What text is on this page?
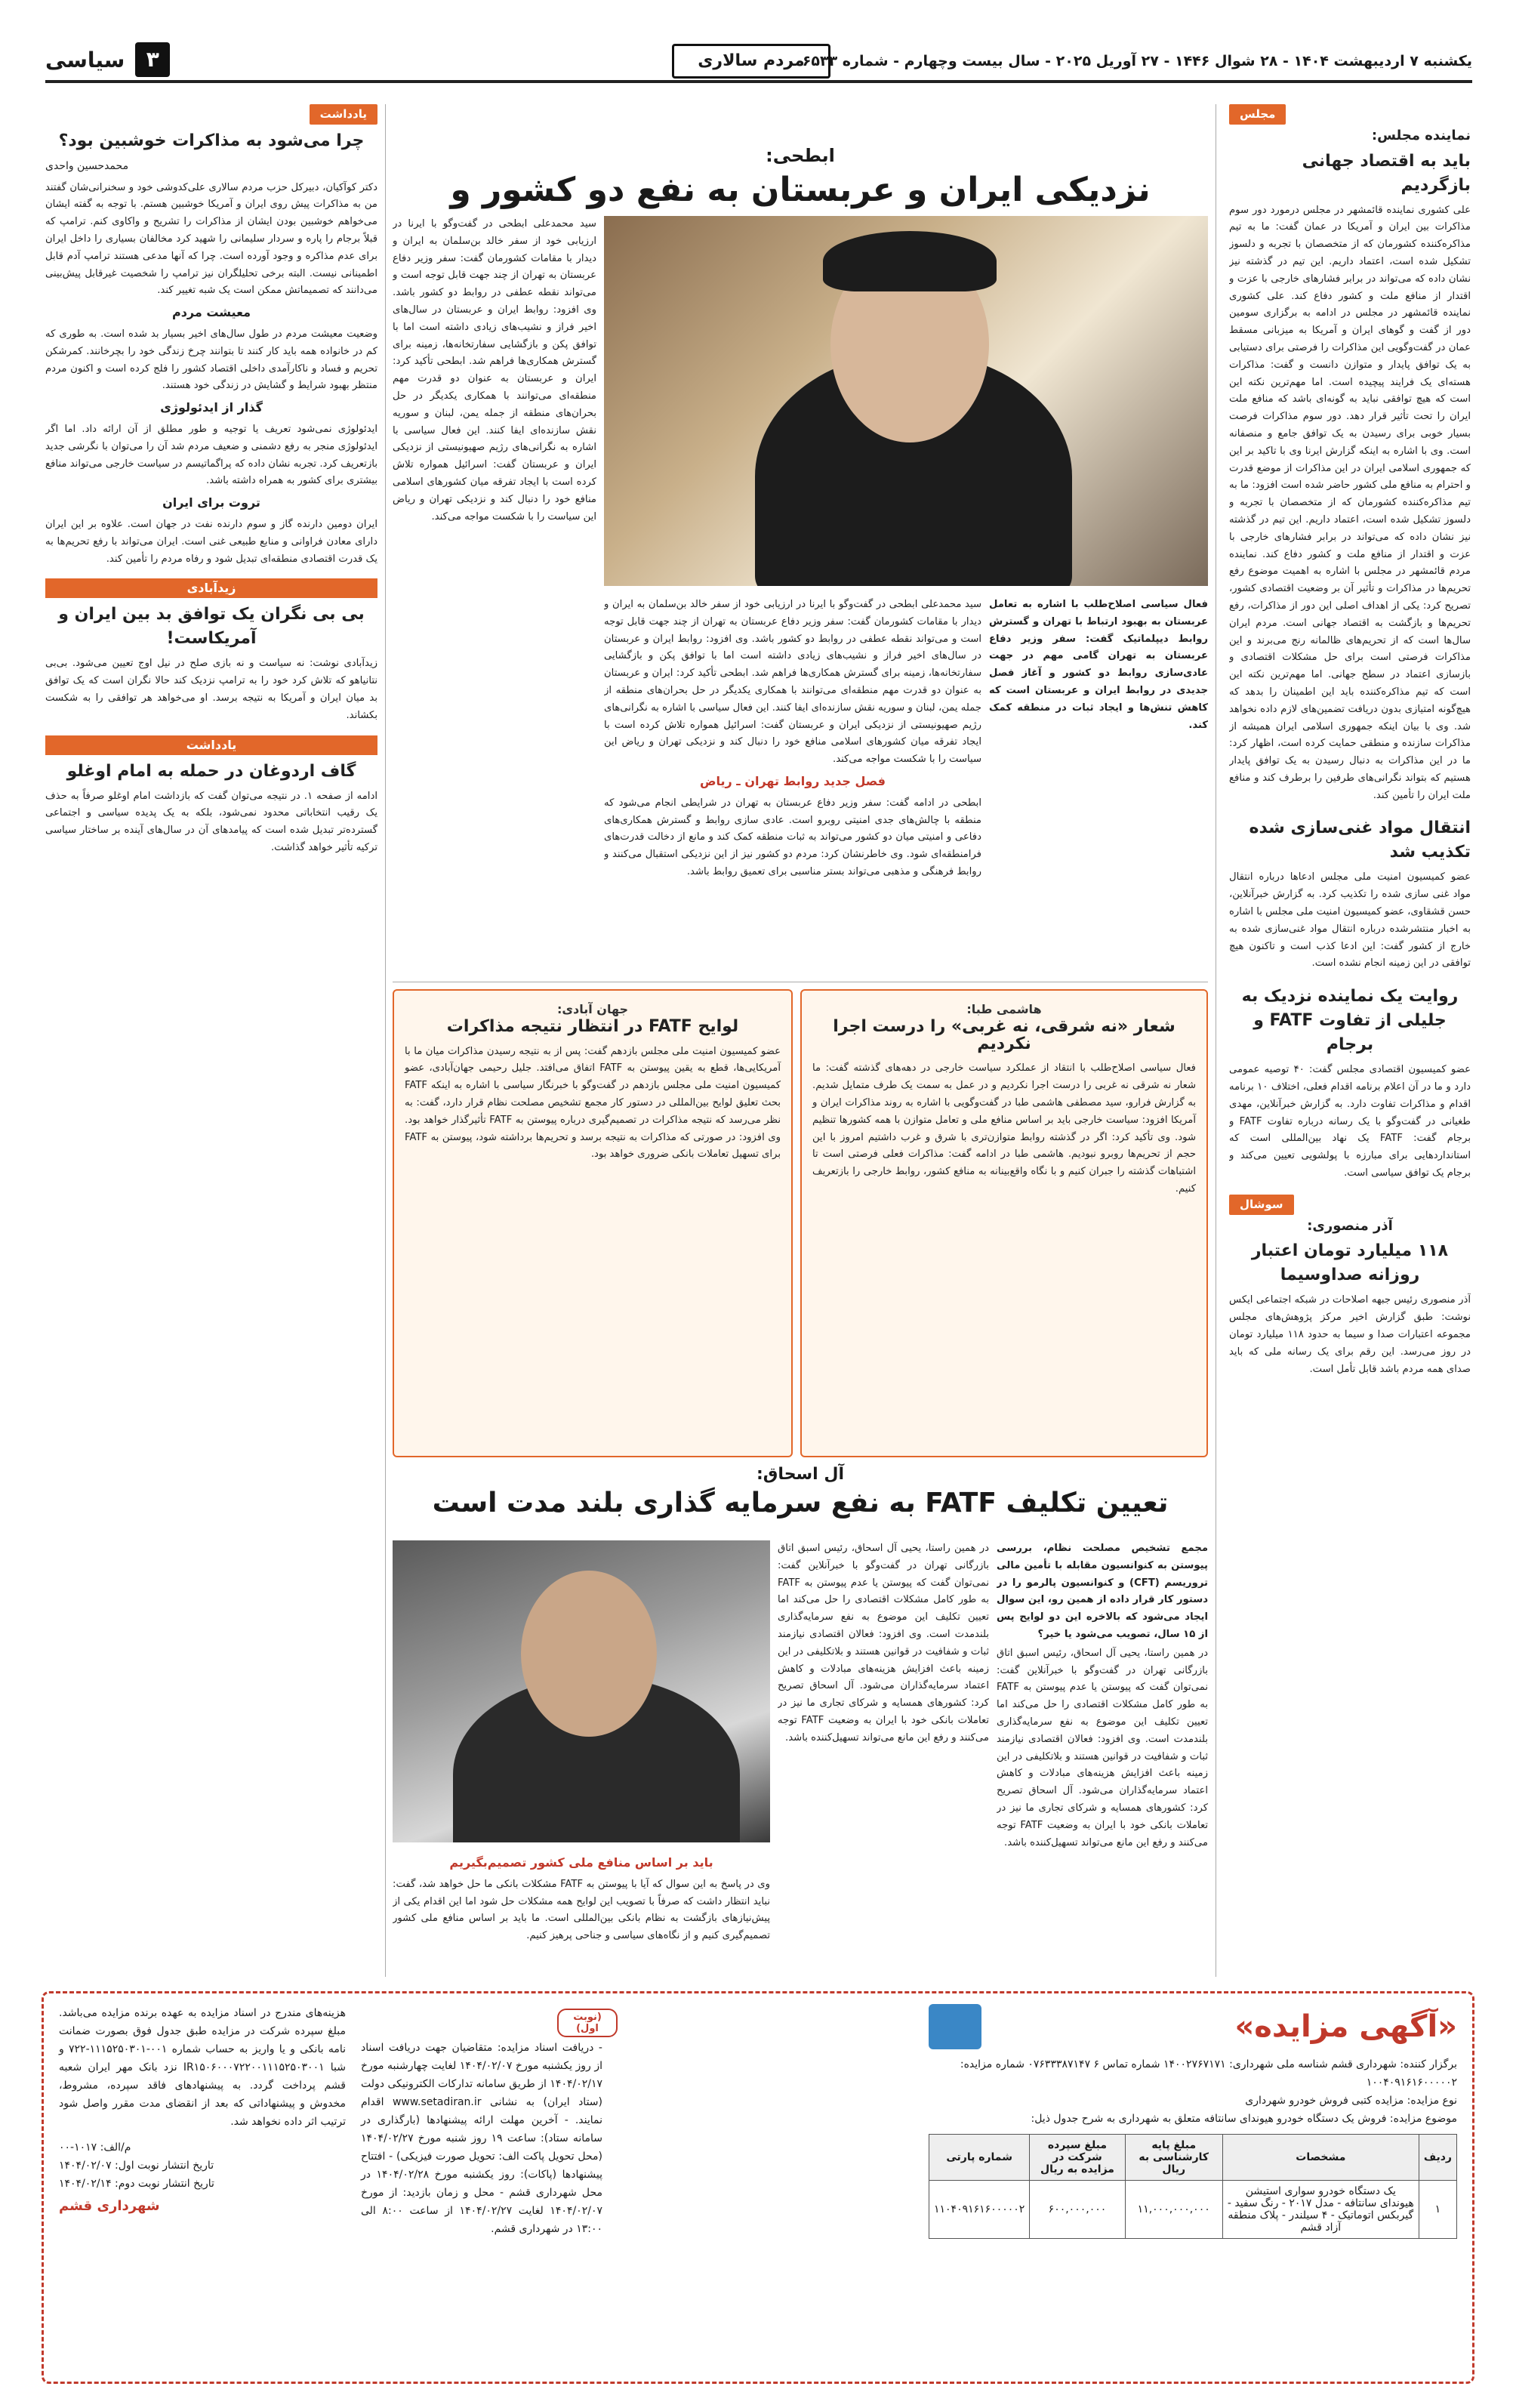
یکشنبه ۷ اردیبهشت ۱۴۰۴ - ۲۸ شوال ۱۴۴۶ - ۲۷ آوریل ۲۰۲۵ - سال بیست وچهارم - شماره ۶۵۳۳
مردم سالاری
۳
سیاسی
مجلس
نماینده مجلس:
باید به اقتصاد جهانی بازگردیم

علی کشوری نماینده قائمشهر در مجلس درمورد دور سوم مذاکرات بین ایران و آمریکا در عمان گفت: ما به تیم مذاکره‌کننده کشورمان که از متخصصان با تجربه و دلسوز تشکیل شده است، اعتماد داریم. این تیم در گذشته نیز نشان داده که می‌تواند در برابر فشارهای خارجی با عزت و اقتدار از منافع ملت و کشور دفاع کند. علی کشوری نماینده قائمشهر در مجلس در ادامه به برگزاری سومین دور از گفت و گوهای ایران و آمریکا به میزبانی مسقط عمان در گفت‌وگویی این مذاکرات را فرصتی برای دستیابی به یک توافق پایدار و متوازن دانست و گفت: مذاکرات هسته‌ای یک فرایند پیچیده است. اما مهم‌ترین نکته این است که هیچ توافقی نباید به گونه‌ای باشد که منافع ملت ایران را تحت تأثیر قرار دهد. دور سوم مذاکرات فرصت بسیار خوبی برای رسیدن به یک توافق جامع و منصفانه است. وی با اشاره به اینکه گزارش ایرنا وی با تاکید بر این که جمهوری اسلامی ایران در این مذاکرات از موضع قدرت و احترام به منافع ملی کشور حاضر شده است افزود: ما به تیم مذاکره‌کننده کشورمان که از متخصصان با تجربه و دلسوز تشکیل شده است، اعتماد داریم. این تیم در گذشته نیز نشان داده که می‌تواند در برابر فشارهای خارجی با عزت و اقتدار از منافع ملت و کشور دفاع کند. نماینده مردم قائمشهر در مجلس با اشاره به اهمیت موضوع رفع تحریم‌ها در مذاکرات و تأثیر آن بر وضعیت اقتصادی کشور، تصریح کرد: یکی از اهداف اصلی این دور از مذاکرات، رفع تحریم‌ها و بازگشت به اقتصاد جهانی است. مردم ایران سال‌ها است که از تحریم‌های ظالمانه رنج می‌برند و این مذاکرات فرصتی است برای حل مشکلات اقتصادی و بازسازی اعتماد در سطح جهانی. اما مهم‌ترین نکته این است که تیم مذاکره‌کننده باید این اطمینان را بدهد که هیچ‌گونه امتیازی بدون دریافت تضمین‌های لازم داده نخواهد شد. وی با بیان اینکه جمهوری اسلامی ایران همیشه از مذاکرات سازنده و منطقی حمایت کرده است، اظهار کرد: ما در این مذاکرات به دنبال رسیدن به یک توافق پایدار هستیم که بتواند نگرانی‌های طرفین را برطرف کند و منافع ملت ایران را تأمین کند.

انتقال مواد غنی‌سازی شده تکذیب شد

عضو کمیسیون امنیت ملی مجلس ادعاها درباره انتقال مواد غنی سازی شده را تکذیب کرد. به گزارش خبرآنلاین، حسن قشقاوی، عضو کمیسیون امنیت ملی مجلس با اشاره به اخبار منتشرشده درباره انتقال مواد غنی‌سازی شده به خارج از کشور گفت: این ادعا کذب است و تاکنون هیچ توافقی در این زمینه انجام نشده است.

روایت یک نماینده نزدیک به جلیلی از تفاوت FATF و برجام

عضو کمیسیون اقتصادی مجلس گفت: ۴۰ توصیه عمومی دارد و ما در آن اعلام برنامه اقدام فعلی، اختلاف ۱۰ برنامه اقدام و مذاکرات تفاوت دارد. به گزارش خبرآنلاین، مهدی طغیانی در گفت‌وگو با یک رسانه درباره تفاوت FATF و برجام گفت: FATF یک نهاد بین‌المللی است که استانداردهایی برای مبارزه با پولشویی تعیین می‌کند و برجام یک توافق سیاسی است.

سوشال
آذر منصوری:
۱۱۸ میلیارد تومان اعتبار روزانه صداوسیما

آذر منصوری رئیس جبهه اصلاحات در شبکه اجتماعی ایکس نوشت: طبق گزارش اخیر مرکز پژوهش‌های مجلس مجموعه اعتبارات صدا و سیما به حدود ۱۱۸ میلیارد تومان در روز می‌رسد. این رقم برای یک رسانه ملی که باید صدای همه مردم باشد قابل تأمل است.

ابطحی:
نزدیکی ایران و عربستان به نفع دو کشور و

سید محمدعلی ابطحی در گفت‌وگو با ایرنا در ارزیابی خود از سفر خالد بن‌سلمان به ایران و دیدار با مقامات کشورمان گفت: سفر وزیر دفاع عربستان به تهران از چند جهت قابل توجه است و می‌تواند نقطه عطفی در روابط دو کشور باشد. وی افزود: روابط ایران و عربستان در سال‌های اخیر فراز و نشیب‌های زیادی داشته است اما با توافق پکن و بازگشایی سفارتخانه‌ها، زمینه برای گسترش همکاری‌ها فراهم شد. ابطحی تأکید کرد: ایران و عربستان به عنوان دو قدرت مهم منطقه‌ای می‌توانند با همکاری یکدیگر در حل بحران‌های منطقه از جمله یمن، لبنان و سوریه نقش سازنده‌ای ایفا کنند. این فعال سیاسی با اشاره به نگرانی‌های رژیم صهیونیستی از نزدیکی ایران و عربستان گفت: اسرائیل همواره تلاش کرده است با ایجاد تفرقه میان کشورهای اسلامی منافع خود را دنبال کند و نزدیکی تهران و ریاض این سیاست را با شکست مواجه می‌کند.

فعال سیاسی اصلاح‌طلب با اشاره به تعامل عربستان به بهبود ارتباط با تهران و گسترش روابط دیپلماتیک گفت: سفر وزیر دفاع عربستان به تهران گامی مهم در جهت عادی‌سازی روابط دو کشور و آغاز فصل جدیدی در روابط ایران و عربستان است که کاهش تنش‌ها و ایجاد ثبات در منطقه کمک کند.

سید محمدعلی ابطحی در گفت‌وگو با ایرنا در ارزیابی خود از سفر خالد بن‌سلمان به ایران و دیدار با مقامات کشورمان گفت: سفر وزیر دفاع عربستان به تهران از چند جهت قابل توجه است و می‌تواند نقطه عطفی در روابط دو کشور باشد. وی افزود: روابط ایران و عربستان در سال‌های اخیر فراز و نشیب‌های زیادی داشته است اما با توافق پکن و بازگشایی سفارتخانه‌ها، زمینه برای گسترش همکاری‌ها فراهم شد. ابطحی تأکید کرد: ایران و عربستان به عنوان دو قدرت مهم منطقه‌ای می‌توانند با همکاری یکدیگر در حل بحران‌های منطقه از جمله یمن، لبنان و سوریه نقش سازنده‌ای ایفا کنند. این فعال سیاسی با اشاره به نگرانی‌های رژیم صهیونیستی از نزدیکی ایران و عربستان گفت: اسرائیل همواره تلاش کرده است با ایجاد تفرقه میان کشورهای اسلامی منافع خود را دنبال کند و نزدیکی تهران و ریاض این سیاست را با شکست مواجه می‌کند.

فصل جدید روابط تهران ـ ریاض

ابطحی در ادامه گفت: سفر وزیر دفاع عربستان به تهران در شرایطی انجام می‌شود که منطقه با چالش‌های جدی امنیتی روبرو است. عادی سازی روابط و گسترش همکاری‌های دفاعی و امنیتی میان دو کشور می‌تواند به ثبات منطقه کمک کند و مانع از دخالت قدرت‌های فرامنطقه‌ای شود. وی خاطرنشان کرد: مردم دو کشور نیز از این نزدیکی استقبال می‌کنند و روابط فرهنگی و مذهبی می‌تواند بستر مناسبی برای تعمیق روابط باشد.

هاشمی طبا:
شعار «نه شرقی، نه غربی» را درست اجرا نکردیم

فعال سیاسی اصلاح‌طلب با انتقاد از عملکرد سیاست خارجی در دهه‌های گذشته گفت: ما شعار نه شرقی نه غربی را درست اجرا نکردیم و در عمل به سمت یک طرف متمایل شدیم. به گزارش فرارو، سید مصطفی هاشمی طبا در گفت‌وگویی با اشاره به روند مذاکرات ایران و آمریکا افزود: سیاست خارجی باید بر اساس منافع ملی و تعامل متوازن با همه کشورها تنظیم شود. وی تأکید کرد: اگر در گذشته روابط متوازن‌تری با شرق و غرب داشتیم امروز با این حجم از تحریم‌ها روبرو نبودیم. هاشمی طبا در ادامه گفت: مذاکرات فعلی فرصتی است تا اشتباهات گذشته را جبران کنیم و با نگاه واقع‌بینانه به منافع کشور، روابط خارجی را بازتعریف کنیم.

جهان آبادی:
لوایح FATF در انتظار نتیجه مذاکرات

عضو کمیسیون امنیت ملی مجلس بازدهم گفت: پس از به نتیجه رسیدن مذاکرات میان ما با آمریکایی‌ها، قطع به یقین پیوستن به FATF اتفاق می‌افتد. جلیل رحیمی جهان‌آبادی، عضو کمیسیون امنیت ملی مجلس بازدهم در گفت‌وگو با خبرنگار سیاسی با اشاره به اینکه FATF بحث تعلیق لوایح بین‌المللی در دستور کار مجمع تشخیص مصلحت نظام قرار دارد، گفت: به نظر می‌رسد که نتیجه مذاکرات در تصمیم‌گیری درباره پیوستن به FATF تأثیرگذار خواهد بود. وی افزود: در صورتی که مذاکرات به نتیجه برسد و تحریم‌ها برداشته شود، پیوستن به FATF برای تسهیل تعاملات بانکی ضروری خواهد بود.

آل اسحاق:
تعیین تکلیف FATF به نفع سرمایه گذاری بلند مدت است

مجمع تشخیص مصلحت نظام، بررسی پیوستن به کنوانسیون مقابله با تأمین مالی تروریسم (CFT) و کنوانسیون پالرمو را در دستور کار قرار داده از همین رو، این سوال ایجاد می‌شود که بالاخره این دو لوایح پس از ۱۵ سال، تصویب می‌شود یا خیر؟

در همین راستا، یحیی آل اسحاق، رئیس اسبق اتاق بازرگانی تهران در گفت‌وگو با خبرآنلاین گفت: نمی‌توان گفت که پیوستن یا عدم پیوستن به FATF به طور کامل مشکلات اقتصادی را حل می‌کند اما تعیین تکلیف این موضوع به نفع سرمایه‌گذاری بلندمدت است. وی افزود: فعالان اقتصادی نیازمند ثبات و شفافیت در قوانین هستند و بلاتکلیفی در این زمینه باعث افزایش هزینه‌های مبادلات و کاهش اعتماد سرمایه‌گذاران می‌شود. آل اسحاق تصریح کرد: کشورهای همسایه و شرکای تجاری ما نیز در تعاملات بانکی خود با ایران به وضعیت FATF توجه می‌کنند و رفع این مانع می‌تواند تسهیل‌کننده باشد.

در همین راستا، یحیی آل اسحاق، رئیس اسبق اتاق بازرگانی تهران در گفت‌وگو با خبرآنلاین گفت: نمی‌توان گفت که پیوستن یا عدم پیوستن به FATF به طور کامل مشکلات اقتصادی را حل می‌کند اما تعیین تکلیف این موضوع به نفع سرمایه‌گذاری بلندمدت است. وی افزود: فعالان اقتصادی نیازمند ثبات و شفافیت در قوانین هستند و بلاتکلیفی در این زمینه باعث افزایش هزینه‌های مبادلات و کاهش اعتماد سرمایه‌گذاران می‌شود. آل اسحاق تصریح کرد: کشورهای همسایه و شرکای تجاری ما نیز در تعاملات بانکی خود با ایران به وضعیت FATF توجه می‌کنند و رفع این مانع می‌تواند تسهیل‌کننده باشد.

باید بر اساس منافع ملی کشور تصمیم‌بگیریم

وی در پاسخ به این سوال که آیا با پیوستن به FATF مشکلات بانکی ما حل خواهد شد، گفت: نباید انتظار داشت که صرفاً با تصویب این لوایح همه مشکلات حل شود اما این اقدام یکی از پیش‌نیازهای بازگشت به نظام بانکی بین‌المللی است. ما باید بر اساس منافع ملی کشور تصمیم‌گیری کنیم و از نگاه‌های سیاسی و جناحی پرهیز کنیم.

یادداشت
چرا می‌شود به مذاکرات خوشبین بود؟
محمدحسین واحدی

دکتر کوآکیان، دبیرکل حزب مردم سالاری علی‌کدوشی خود و سخنرانی‌شان گفتند من به مذاکرات پیش روی ایران و آمریکا خوشبین هستم. با توجه به گفته ایشان می‌خواهم خوشبین بودن ایشان از مذاکرات را تشریح و واکاوی کنم. ترامپ که قبلاً برجام را پاره و سردار سلیمانی را شهید کرد مخالفان بسیاری را داخل ایران برای عدم مذاکره و وجود آورده است. چرا که آنها مدعی هستند ترامپ آدم قابل اطمینانی نیست. البته برخی تحلیلگران نیز ترامپ را شخصیت غیرقابل پیش‌بینی می‌دانند که تصمیماتش ممکن است یک شبه تغییر کند.

معیشت مردم

وضعیت معیشت مردم در طول سال‌های اخیر بسیار بد شده است. به طوری که کم در خانواده همه باید کار کنند تا بتوانند چرخ زندگی خود را بچرخانند. کمرشکن تحریم و فساد و ناکارآمدی داخلی اقتصاد کشور را فلج کرده است و اکنون مردم منتظر بهبود شرایط و گشایش در زندگی خود هستند.

گذار از ایدئولوژی

ایدئولوژی نمی‌شود تعریف یا توجیه و طور مطلق از آن ارائه داد. اما اگر ایدئولوژی منجر به رفع دشمنی و ضعیف مردم شد آن را می‌توان با نگرشی جدید بازتعریف کرد. تجربه نشان داده که پراگماتیسم در سیاست خارجی می‌تواند منافع بیشتری برای کشور به همراه داشته باشد.

تروت برای ایران

ایران دومین دارنده گاز و سوم دارنده نفت در جهان است. علاوه بر این ایران دارای معادن فراوانی و منابع طبیعی غنی است. ایران می‌تواند با رفع تحریم‌ها به یک قدرت اقتصادی منطقه‌ای تبدیل شود و رفاه مردم را تأمین کند.

زیدآبادی
بی بی نگران یک توافق بد بین ایران و آمریکاست!

زیدآبادی نوشت: نه سیاست و نه بازی صلح در نیل اوج تعیین می‌شود. بی‌بی نتانیاهو که تلاش کرد خود را به ترامپ نزدیک کند حالا نگران است که یک توافق بد میان ایران و آمریکا به نتیجه برسد. او می‌خواهد هر توافقی را به شکست بکشاند.

یادداشت
گاف اردوغان در حمله به امام اوغلو

ادامه از صفحه ۱. در نتیجه می‌توان گفت که بازداشت امام اوغلو صرفاً به حذف یک رقیب انتخاباتی محدود نمی‌شود، بلکه به یک پدیده سیاسی و اجتماعی گسترده‌تر تبدیل شده است که پیامدهای آن در سال‌های آینده بر ساختار سیاسی ترکیه تأثیر خواهد گذاشت.

«آگهی مزایده»
برگزار کننده: شهرداری قشم شناسه ملی شهرداری: ۱۴۰۰۲۷۶۷۱۷۱ شماره تماس ۶ ۰۷۶۳۳۳۸۷۱۴۷ شماره مزایده: ۱۰۰۴۰۹۱۶۱۶۰۰۰۰۰۲
نوع مزایده: مزایده کتبی فروش خودرو شهرداری
موضوع مزایده: فروش یک دستگاه خودرو هیوندای سانتافه متعلق به شهرداری به شرح جدول ذیل:
ردیف	مشخصات	مبلغ پایه کارشناسی به ریال	مبلغ سپرده شرکت در مزایده به ریال	شماره پارتی
۱	یک دستگاه خودرو سواری استیشن هیوندای سانتافه - مدل ۲۰۱۷ - رنگ سفید - گیربکس اتوماتیک - ۴ سیلندر - پلاک منطقه آزاد قشم	۱۱,۰۰۰,۰۰۰,۰۰۰	۶۰۰,۰۰۰,۰۰۰	۱۱۰۴۰۹۱۶۱۶۰۰۰۰۰۲
(نوبت اول)
- دریافت اسناد مزایده: متقاضیان جهت دریافت اسناد از روز یکشنبه مورخ ۱۴۰۴/۰۲/۰۷ لغایت چهارشنبه مورخ ۱۴۰۴/۰۲/۱۷ از طریق سامانه تدارکات الکترونیکی دولت (ستاد ایران) به نشانی www.setadiran.ir اقدام نمایند. - آخرین مهلت ارائه پیشنهادها (بارگذاری در سامانه ستاد): ساعت ۱۹ روز شنبه مورخ ۱۴۰۴/۰۲/۲۷ (محل تحویل پاکت الف: تحویل صورت فیزیکی) - افتتاح پیشنهادها (پاکات): روز یکشنبه مورخ ۱۴۰۴/۰۲/۲۸ در محل شهرداری قشم - محل و زمان بازدید: از مورخ ۱۴۰۴/۰۲/۰۷ لغایت ۱۴۰۴/۰۲/۲۷ از ساعت ۸:۰۰ الی ۱۳:۰۰ در شهرداری قشم.

هزینه‌های مندرج در اسناد مزایده به عهده برنده مزایده می‌باشد. مبلغ سپرده شرکت در مزایده طبق جدول فوق بصورت ضمانت نامه بانکی و یا واریز به حساب شماره ۰۰۱-۱۱۱۵۲۵۰۳۰۱-۷۲۲ و شبا IR۱۵۰۶۰۰۰۷۲۲۰۰۱۱۱۵۲۵۰۳۰۰۱ نزد بانک مهر ایران شعبه قشم پرداخت گردد. به پیشنهادهای فاقد سپرده، مشروط، مخدوش و پیشنهاداتی که بعد از انقضای مدت مقرر واصل شود ترتیب اثر داده نخواهد شد.

م/الف: ۱۰۱۷-۰۰

تاریخ انتشار نوبت اول: ۱۴۰۴/۰۲/۰۷

تاریخ انتشار نوبت دوم: ۱۴۰۴/۰۲/۱۴

شهرداری قشم
